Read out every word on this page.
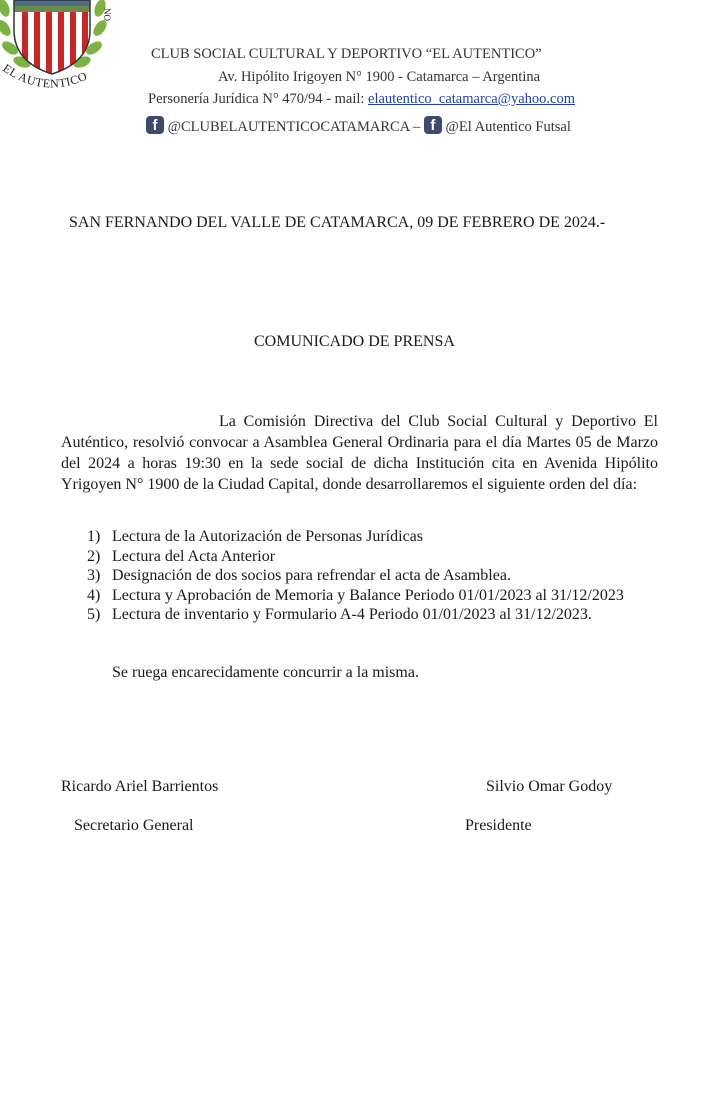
EL AUTENTICO
NO
CLUB SOCIAL CULTURAL Y DEPORTIVO “EL AUTENTICO”
Av. Hipólito Irigoyen N° 1900 - Catamarca – Argentina
Personería Jurídica N° 470/94 - mail: elautentico_catamarca@yahoo.com
f @CLUBELAUTENTICOCATAMARCA – f @El Autentico Futsal
SAN FERNANDO DEL VALLE DE CATAMARCA, 09 DE FEBRERO DE 2024.-
COMUNICADO DE PRENSA
La Comisión Directiva del Club Social Cultural y Deportivo El Auténtico, resolvió convocar a Asamblea General Ordinaria para el día Martes 05 de Marzo del 2024 a horas 19:30 en la sede social de dicha Institución cita en Avenida Hipólito Yrigoyen N° 1900 de la Ciudad Capital, donde desarrollaremos el siguiente orden del día:
1) Lectura de la Autorización de Personas Jurídicas
2) Lectura del Acta Anterior
3) Designación de dos socios para refrendar el acta de Asamblea.
4) Lectura y Aprobación de Memoria y Balance Periodo 01/01/2023 al 31/12/2023
5) Lectura de inventario y Formulario A-4 Periodo 01/01/2023 al 31/12/2023.
Se ruega encarecidamente concurrir a la misma.
Ricardo Ariel Barrientos
Secretario General
Silvio Omar Godoy
Presidente
